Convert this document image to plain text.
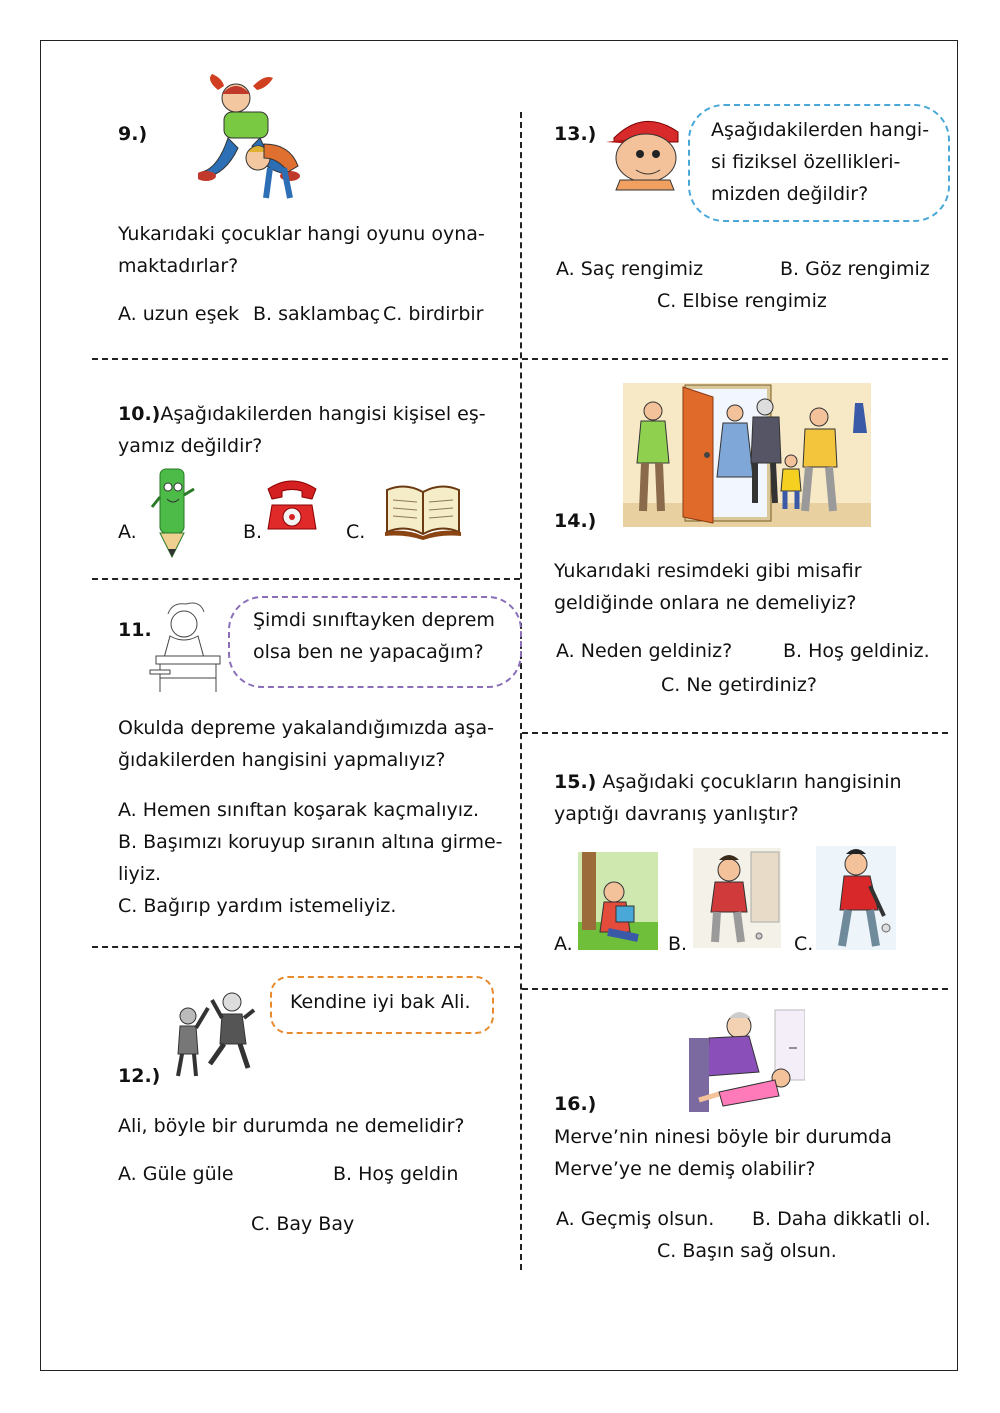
9.)
Yukarıdaki çocuklar hangi oyunu oyna-
maktadırlar?
A. uzun eşek B. saklambaç C. birdirbir
10.)Aşağıdakilerden hangisi kişisel eş-
yamız değildir?
A.	B.	C.
11.	Şimdi sınıftayken deprem
olsa ben ne yapacağım?
Okulda depreme yakalandığımızda aşa-
ğıdakilerden hangisini yapmalıyız?
A. Hemen sınıftan koşarak kaçmalıyız.
B. Başımızı koruyup sıranın altına girme-
liyiz.
C. Bağırıp yardım istemeliyiz.
Kendine iyi bak Ali.
12.)
Ali, böyle bir durumda ne demelidir?
A. Güle güle	B. Hoş geldin
C. Bay Bay
13.)	Aşağıdakilerden hangi-
si fiziksel özellikleri-
mizden değildir?
A. Saç rengimiz	B. Göz rengimiz
C. Elbise rengimiz
14.)
Yukarıdaki resimdeki gibi misafir
geldiğinde onlara ne demeliyiz?
A. Neden geldiniz?	B. Hoş geldiniz.
C. Ne getirdiniz?
15.) Aşağıdaki çocukların hangisinin
yaptığı davranış yanlıştır?
A.	B.	C.
16.)
Merve’nin ninesi böyle bir durumda
Merve’ye ne demiş olabilir?
A. Geçmiş olsun. B. Daha dikkatli ol.
C. Başın sağ olsun.
